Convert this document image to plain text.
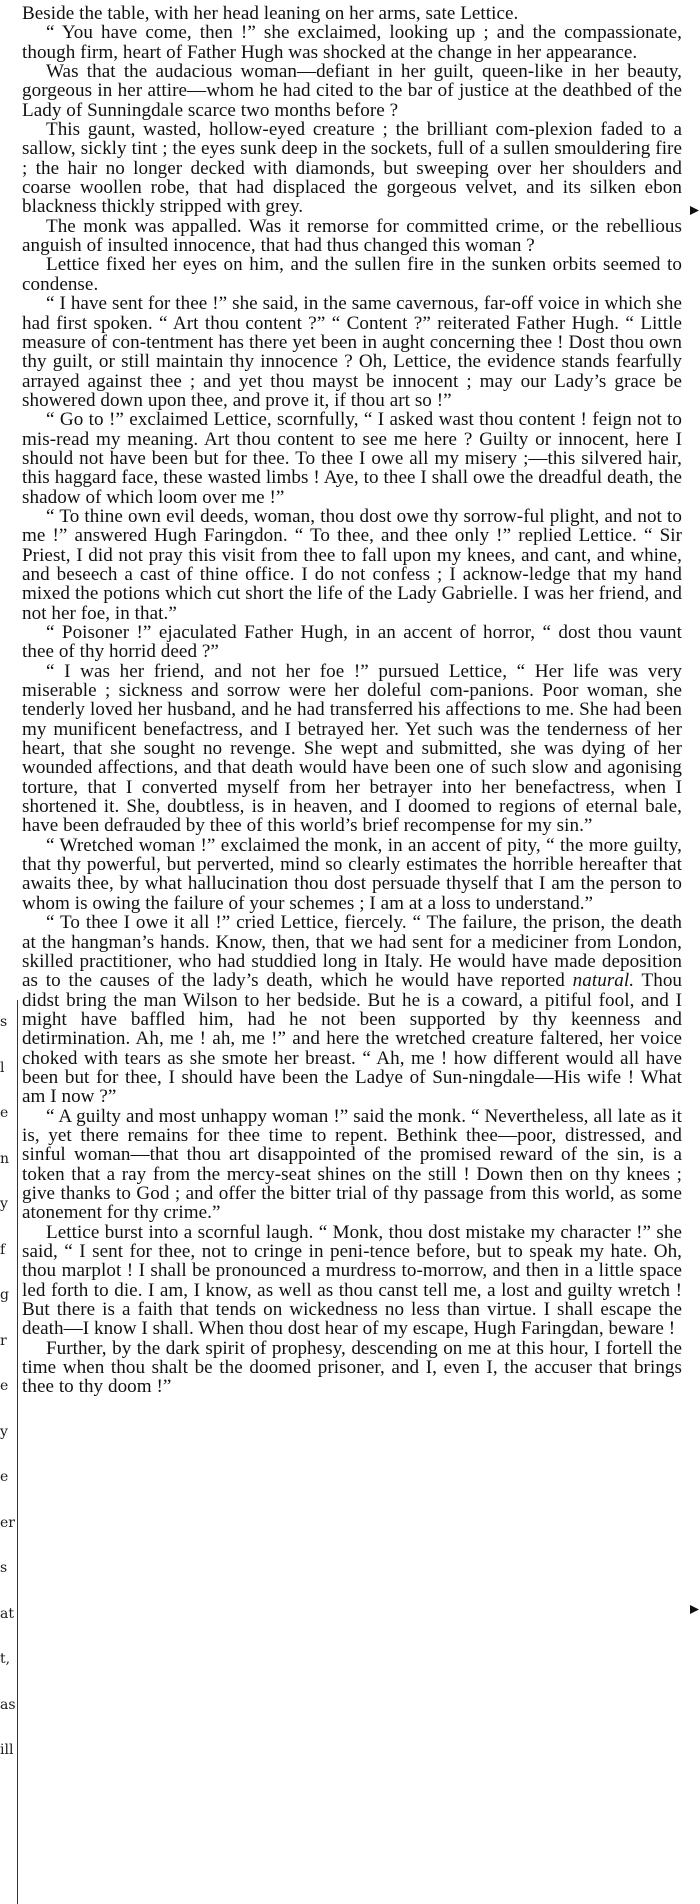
s
l
e
n
y
f
g
r
e
y
e
er
s
at
t,
as
ill

Beside the table, with her head leaning on her arms, sate Lettice.

“ You have come, then !” she exclaimed, looking up ; and the compassionate, though firm, heart of Father Hugh was shocked at the change in her appearance.

Was that the audacious woman—defiant in her guilt, queen-like in her beauty, gorgeous in her attire—whom he had cited to the bar of justice at the deathbed of the Lady of Sunningdale scarce two months before ?

This gaunt, wasted, hollow-eyed creature ; the brilliant com-plexion faded to a sallow, sickly tint ; the eyes sunk deep in the sockets, full of a sullen smouldering fire ; the hair no longer decked with diamonds, but sweeping over her shoulders and coarse woollen robe, that had displaced the gorgeous velvet, and its silken ebon blackness thickly stripped with grey.

The monk was appalled. Was it remorse for committed crime, or the rebellious anguish of insulted innocence, that had thus changed this woman ?

Lettice fixed her eyes on him, and the sullen fire in the sunken orbits seemed to condense.

“ I have sent for thee !” she said, in the same cavernous, far-off voice in which she had first spoken. “ Art thou content ?” “ Content ?” reiterated Father Hugh. “ Little measure of con-tentment has there yet been in aught concerning thee ! Dost thou own thy guilt, or still maintain thy innocence ? Oh, Lettice, the evidence stands fearfully arrayed against thee ; and yet thou mayst be innocent ; may our Lady’s grace be showered down upon thee, and prove it, if thou art so !”

“ Go to !” exclaimed Lettice, scornfully, “ I asked wast thou content ! feign not to mis-read my meaning. Art thou content to see me here ? Guilty or innocent, here I should not have been but for thee. To thee I owe all my misery ;—this silvered hair, this haggard face, these wasted limbs ! Aye, to thee I shall owe the dreadful death, the shadow of which loom over me !”

“ To thine own evil deeds, woman, thou dost owe thy sorrow-ful plight, and not to me !” answered Hugh Faringdon. “ To thee, and thee only !” replied Lettice. “ Sir Priest, I did not pray this visit from thee to fall upon my knees, and cant, and whine, and beseech a cast of thine office. I do not confess ; I acknow-ledge that my hand mixed the potions which cut short the life of the Lady Gabrielle. I was her friend, and not her foe, in that.”

“ Poisoner !” ejaculated Father Hugh, in an accent of horror, “ dost thou vaunt thee of thy horrid deed ?”

“ I was her friend, and not her foe !” pursued Lettice, “ Her life was very miserable ; sickness and sorrow were her doleful com-panions. Poor woman, she tenderly loved her husband, and he had transferred his affections to me. She had been my munificent benefactress, and I betrayed her. Yet such was the tenderness of her heart, that she sought no revenge. She wept and submitted, she was dying of her wounded affections, and that death would have been one of such slow and agonising torture, that I converted myself from her betrayer into her benefactress, when I shortened it. She, doubtless, is in heaven, and I doomed to regions of eternal bale, have been defrauded by thee of this world’s brief recompense for my sin.”

“ Wretched woman !” exclaimed the monk, in an accent of pity, “ the more guilty, that thy powerful, but perverted, mind so clearly estimates the horrible hereafter that awaits thee, by what hallucination thou dost persuade thyself that I am the person to whom is owing the failure of your schemes ; I am at a loss to understand.”

“ To thee I owe it all !” cried Lettice, fiercely. “ The failure, the prison, the death at the hangman’s hands. Know, then, that we had sent for a mediciner from London, skilled practitioner, who had studdied long in Italy. He would have made deposition as to the causes of the lady’s death, which he would have reported natural. Thou didst bring the man Wilson to her bedside. But he is a coward, a pitiful fool, and I might have baffled him, had he not been supported by thy keenness and detirmination. Ah, me ! ah, me !” and here the wretched creature faltered, her voice choked with tears as she smote her breast. “ Ah, me ! how different would all have been but for thee, I should have been the Ladye of Sun-ningdale—His wife ! What am I now ?”

“ A guilty and most unhappy woman !” said the monk. “ Nevertheless, all late as it is, yet there remains for thee time to repent. Bethink thee—poor, distressed, and sinful woman—that thou art disappointed of the promised reward of the sin, is a token that a ray from the mercy-seat shines on the still ! Down then on thy knees ; give thanks to God ; and offer the bitter trial of thy passage from this world, as some atonement for thy crime.”

Lettice burst into a scornful laugh. “ Monk, thou dost mistake my character !” she said, “ I sent for thee, not to cringe in peni-tence before, but to speak my hate. Oh, thou marplot ! I shall be pronounced a murdress to-morrow, and then in a little space led forth to die. I am, I know, as well as thou canst tell me, a lost and guilty wretch ! But there is a faith that tends on wickedness no less than virtue. I shall escape the death—I know I shall. When thou dost hear of my escape, Hugh Faringdan, beware !

Further, by the dark spirit of prophesy, descending on me at this hour, I fortell the time when thou shalt be the doomed prisoner, and I, even I, the accuser that brings thee to thy doom !”
